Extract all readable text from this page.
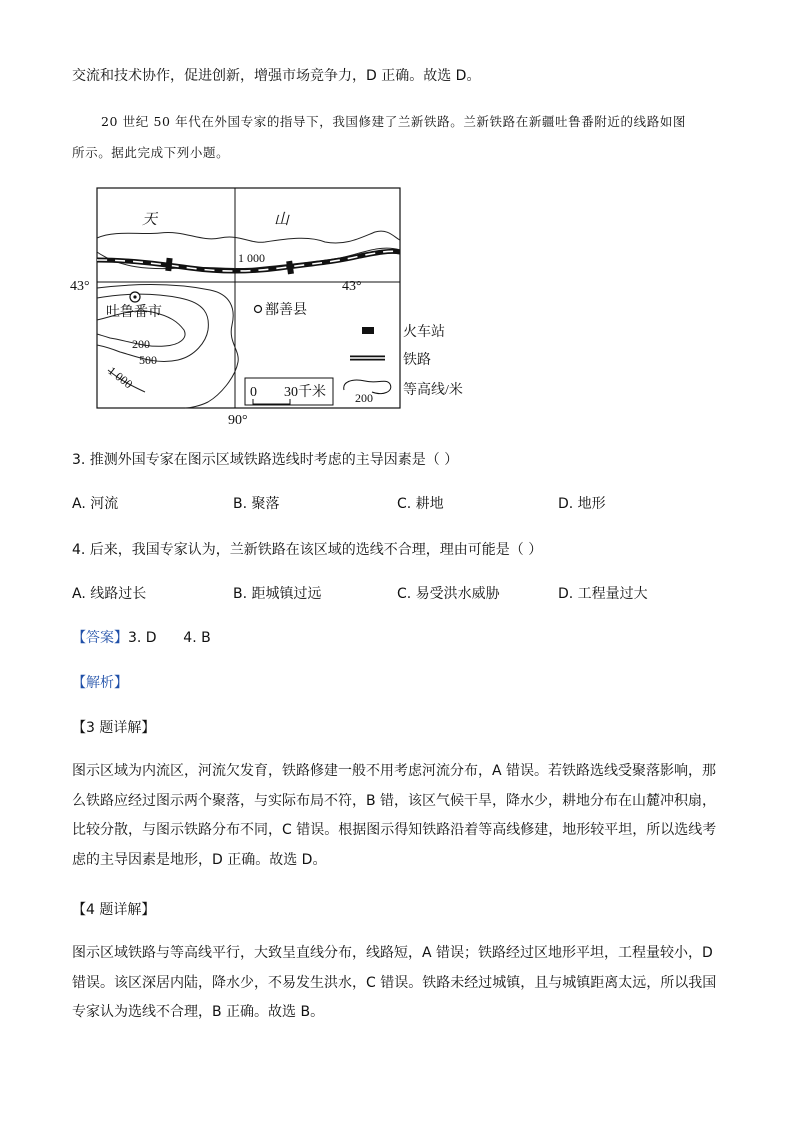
交流和技术协作，促进创新，增强市场竞争力，D 正确。故选 D。
20 世纪 50 年代在外国专家的指导下，我国修建了兰新铁路。兰新铁路在新疆吐鲁番附近的线路如图
所示。据此完成下列小题。
天	山
1 000
43°	43°
200
500
1 000
吐鲁番市	鄯善县
0 30千米
90°
火车站
铁路
200 等高线/米
3. 推测外国专家在图示区域铁路选线时考虑的主导因素是（ ）
A. 河流	B. 聚落	C. 耕地	D. 地形
4. 后来，我国专家认为，兰新铁路在该区域的选线不合理，理由可能是（ ）
A. 线路过长	B. 距城镇过远	C. 易受洪水威胁	D. 工程量过大
【答案】3. D      4. B
【解析】
【3 题详解】
图示区域为内流区，河流欠发育，铁路修建一般不用考虑河流分布，A 错误。若铁路选线受聚落影响，那么铁路应经过图示两个聚落，与实际布局不符，B 错，该区气候干旱，降水少，耕地分布在山麓冲积扇，比较分散，与图示铁路分布不同，C 错误。根据图示得知铁路沿着等高线修建，地形较平坦，所以选线考虑的主导因素是地形，D 正确。故选 D。
【4 题详解】
图示区域铁路与等高线平行，大致呈直线分布，线路短，A 错误；铁路经过区地形平坦，工程量较小，D 错误。该区深居内陆，降水少，不易发生洪水，C 错误。铁路未经过城镇，且与城镇距离太远，所以我国专家认为选线不合理，B 正确。故选 B。
